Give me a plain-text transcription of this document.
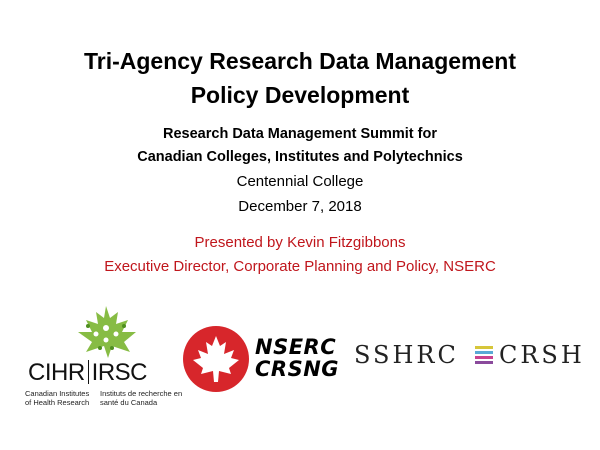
Tri-Agency Research Data Management
Policy Development
Research Data Management Summit for
Canadian Colleges, Institutes and Polytechnics
Centennial College
December 7, 2018
Presented by Kevin Fitzgibbons
Executive Director, Corporate Planning and Policy, NSERC
CIHR IRSC
Canadian Institutes of Health Research
Instituts de recherche en santé du Canada
NSERC
CRSNG SSHRC CRSH
